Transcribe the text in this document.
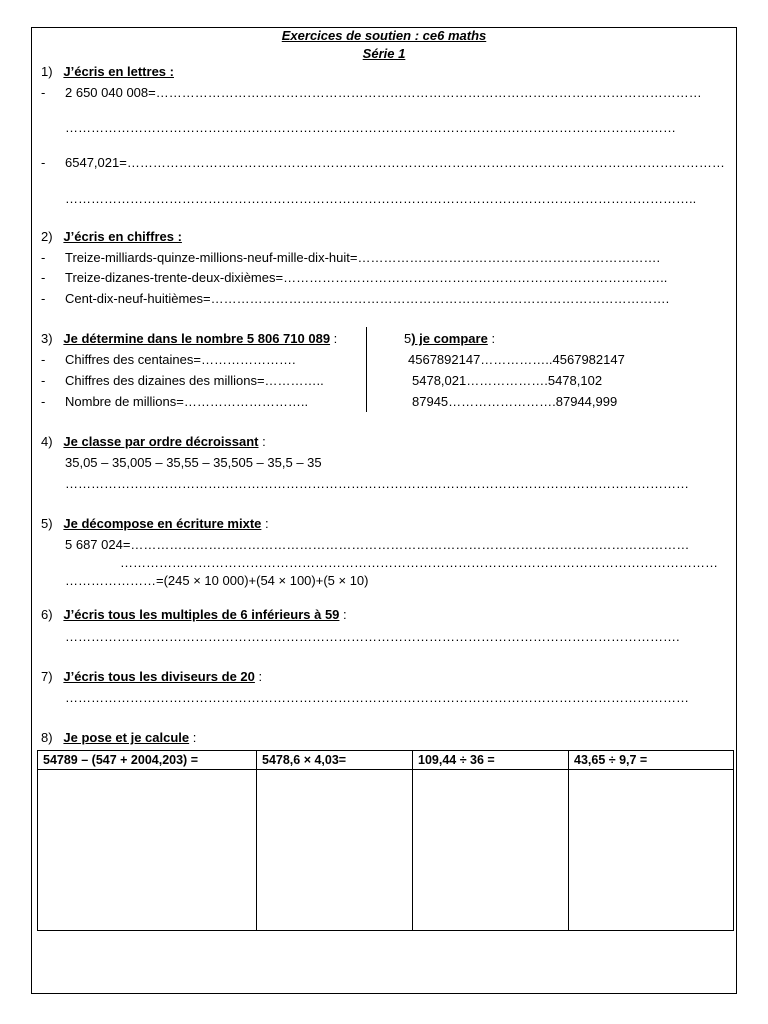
Exercices de soutien : ce6 maths
Série 1
1) J’écris en lettres :
- 2 650 040 008=………………………………………………………………………………………………………………
……………………………………………………………………………………………………………………………
- 6547,021=…………………………………………………………………………………………………………………………
………………………………………………………………………………………………………………………………..
2) J’écris en chiffres :
- Treize-milliards-quinze-millions-neuf-mille-dix-huit=…………………………………………………………….
- Treize-dizanes-trente-deux-dixièmes=……………………………………………………………………………..
- Cent-dix-neuf-huitièmes=…………………………………………………………………………………………….
3) Je détermine dans le nombre 5 806 710 089 :
- Chiffres des centaines=………………….
- Chiffres des dizaines des millions=…………..
- Nombre de millions=………………………..
5) je compare :
4567892147……………..4567982147
5478,021……………….5478,102
87945…………………….87944,999
4) Je classe par ordre décroissant :
35,05 – 35,005 – 35,55 – 35,505 – 35,5 – 35
………………………………………………………………………………………………………………………………
5) Je décompose en écriture mixte :
5 687 024=…………………………………………………………………………………………………………………
…………………………………………………………………………………………………………………………
…………………=(245 × 10 000)+(54 × 100)+(5 × 10)
6) J’écris tous les multiples de 6 inférieurs à 59 :
…………………………………………………………………………………………………………………………….
7) J’écris tous les diviseurs de 20 :
………………………………………………………………………………………………………………………………
8) Je pose et je calcule :
54789 – (547 + 2004,203) =	5478,6 × 4,03=	109,44 ÷ 36 =	43,65 ÷ 9,7 =
